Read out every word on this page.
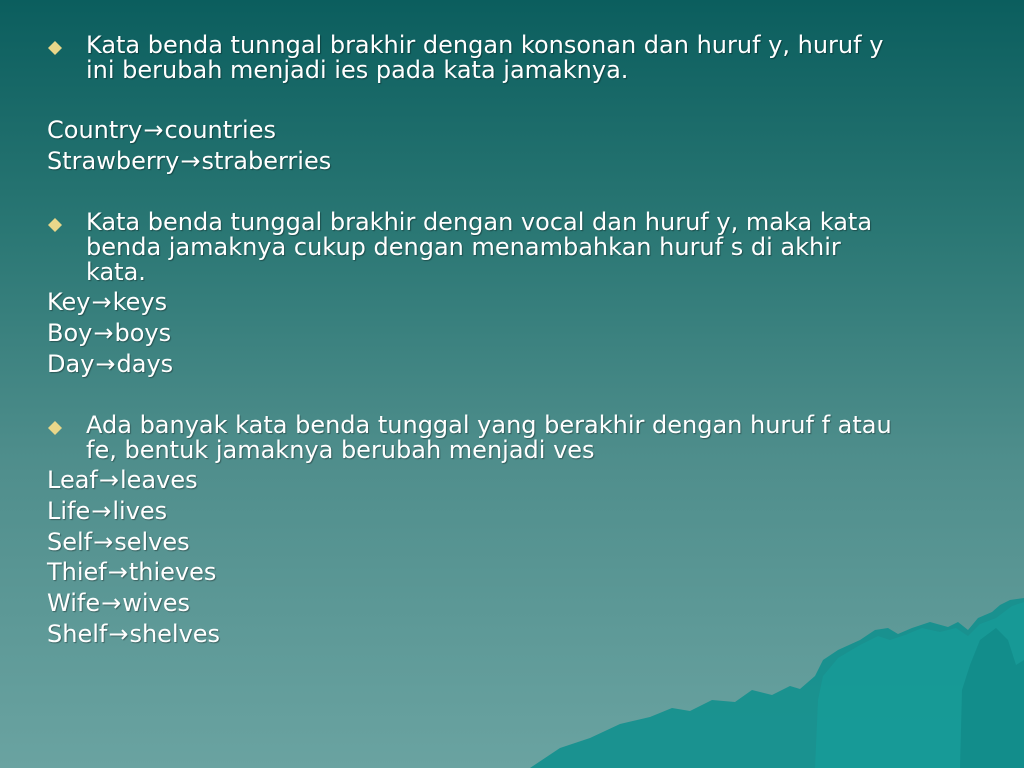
Kata benda tunngal brakhir dengan konsonan dan huruf y, huruf y
ini berubah menjadi ies pada kata jamaknya.
Country→countries
Strawberry→straberries
Kata benda tunggal brakhir dengan vocal dan huruf y, maka kata
benda jamaknya cukup dengan menambahkan huruf s di akhir
kata.
Key→keys
Boy→boys
Day→days
Ada banyak kata benda tunggal yang berakhir dengan huruf f atau
fe, bentuk jamaknya berubah menjadi ves
Leaf→leaves
Life→lives
Self→selves
Thief→thieves
Wife→wives
Shelf→shelves
